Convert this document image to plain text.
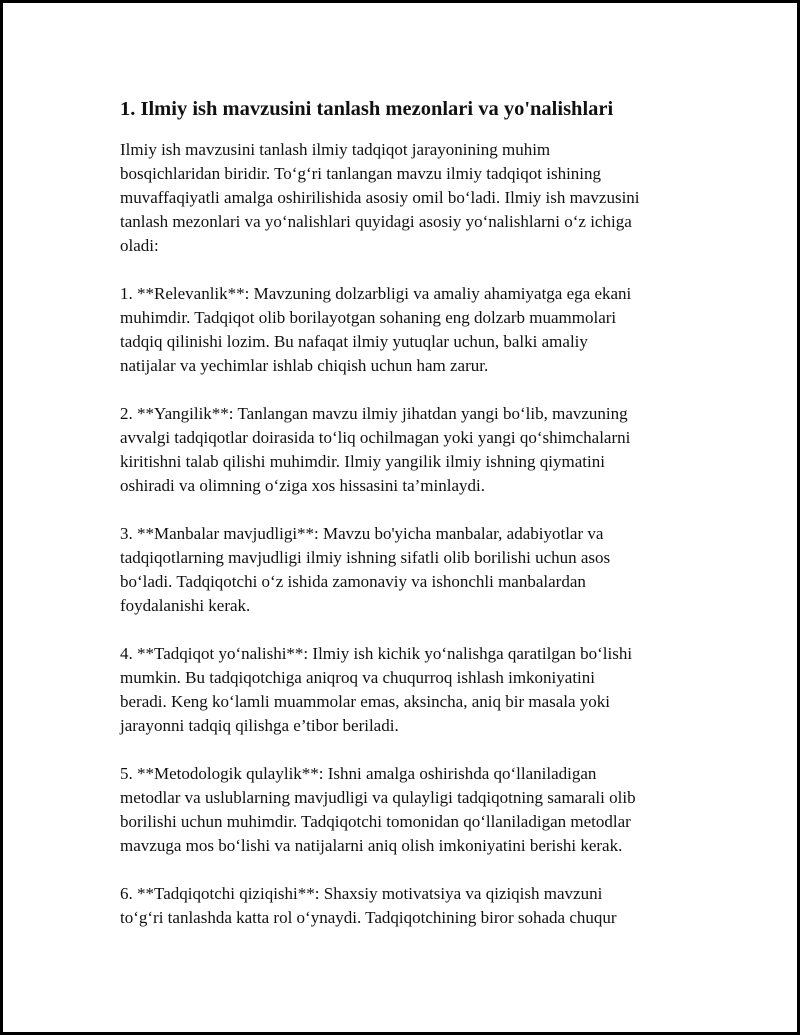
1. Ilmiy ish mavzusini tanlash mezonlari va yo'nalishlari

Ilmiy ish mavzusini tanlash ilmiy tadqiqot jarayonining muhim
bosqichlaridan biridir. To‘g‘ri tanlangan mavzu ilmiy tadqiqot ishining
muvaffaqiyatli amalga oshirilishida asosiy omil bo‘ladi. Ilmiy ish mavzusini
tanlash mezonlari va yo‘nalishlari quyidagi asosiy yo‘nalishlarni o‘z ichiga
oladi:

1. **Relevanlik**: Mavzuning dolzarbligi va amaliy ahamiyatga ega ekani
muhimdir. Tadqiqot olib borilayotgan sohaning eng dolzarb muammolari
tadqiq qilinishi lozim. Bu nafaqat ilmiy yutuqlar uchun, balki amaliy
natijalar va yechimlar ishlab chiqish uchun ham zarur.

2. **Yangilik**: Tanlangan mavzu ilmiy jihatdan yangi bo‘lib, mavzuning
avvalgi tadqiqotlar doirasida to‘liq ochilmagan yoki yangi qo‘shimchalarni
kiritishni talab qilishi muhimdir. Ilmiy yangilik ilmiy ishning qiymatini
oshiradi va olimning o‘ziga xos hissasini ta’minlaydi.

3. **Manbalar mavjudligi**: Mavzu bo'yicha manbalar, adabiyotlar va
tadqiqotlarning mavjudligi ilmiy ishning sifatli olib borilishi uchun asos
bo‘ladi. Tadqiqotchi o‘z ishida zamonaviy va ishonchli manbalardan
foydalanishi kerak.

4. **Tadqiqot yo‘nalishi**: Ilmiy ish kichik yo‘nalishga qaratilgan bo‘lishi
mumkin. Bu tadqiqotchiga aniqroq va chuqurroq ishlash imkoniyatini
beradi. Keng ko‘lamli muammolar emas, aksincha, aniq bir masala yoki
jarayonni tadqiq qilishga e’tibor beriladi.

5. **Metodologik qulaylik**: Ishni amalga oshirishda qo‘llaniladigan
metodlar va uslublarning mavjudligi va qulayligi tadqiqotning samarali olib
borilishi uchun muhimdir. Tadqiqotchi tomonidan qo‘llaniladigan metodlar
mavzuga mos bo‘lishi va natijalarni aniq olish imkoniyatini berishi kerak.

6. **Tadqiqotchi qiziqishi**: Shaxsiy motivatsiya va qiziqish mavzuni
to‘g‘ri tanlashda katta rol o‘ynaydi. Tadqiqotchining biror sohada chuqur
